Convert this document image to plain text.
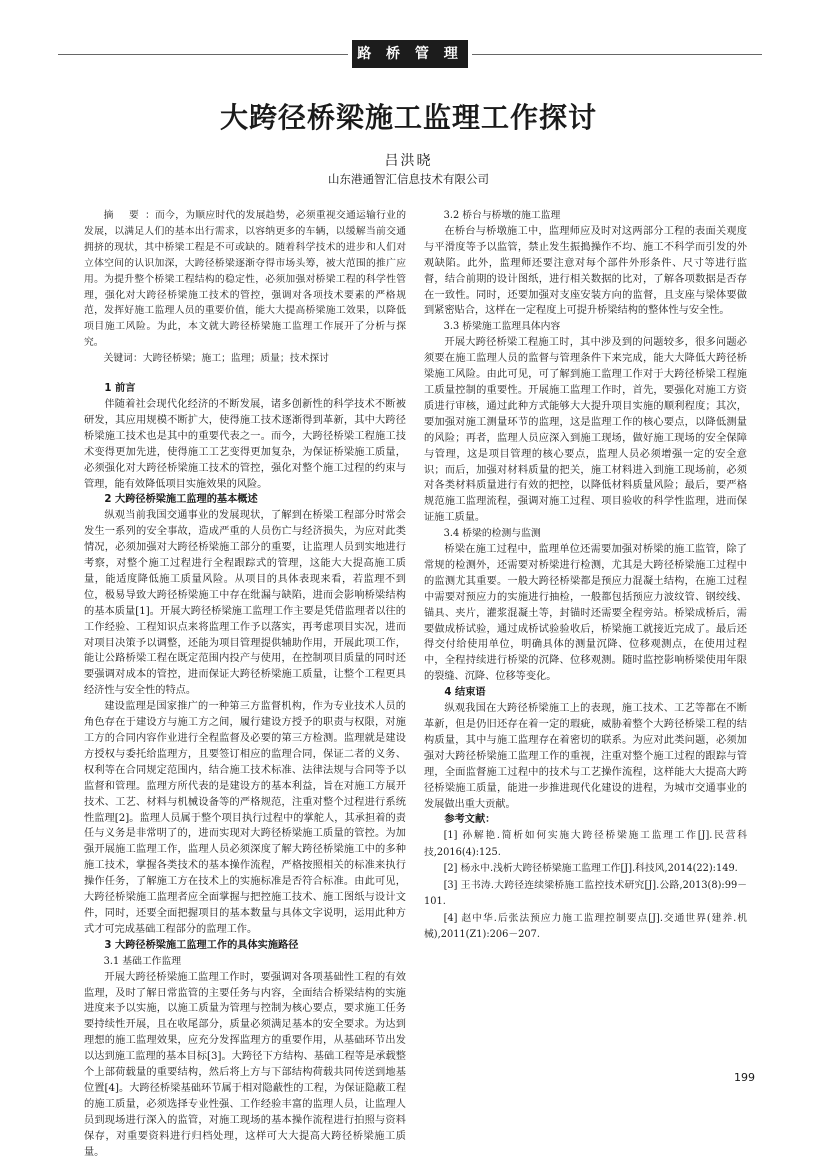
路 桥 管 理
大跨径桥梁施工监理工作探讨
吕洪晓
山东港通智汇信息技术有限公司

摘 要：而今，为顺应时代的发展趋势，必须重视交通运输行业的发展，以满足人们的基本出行需求，以容纳更多的车辆，以缓解当前交通拥挤的现状，其中桥梁工程是不可或缺的。随着科学技术的进步和人们对立体空间的认识加深，大跨径桥梁逐渐夺得市场头筹，被大范围的推广应用。为提升整个桥梁工程结构的稳定性，必须加强对桥梁工程的科学性管理，强化对大跨径桥梁施工技术的管控，强调对各项技术要素的严格规范，发挥好施工监理人员的重要价值，能大大提高桥梁施工效果，以降低项目施工风险。为此，本文就大跨径桥梁施工监理工作展开了分析与探究。

关键词：大跨径桥梁；施工；监理；质量；技术探讨

1 前言

伴随着社会现代化经济的不断发展，诸多创新性的科学技术不断被研发，其应用规模不断扩大，使得施工技术逐渐得到革新，其中大跨径桥梁施工技术也是其中的重要代表之一。而今，大跨径桥梁工程施工技术变得更加先进，使得施工工艺变得更加复杂，为保证桥梁施工质量，必须强化对大跨径桥梁施工技术的管控，强化对整个施工过程的约束与管理，能有效降低项目实施效果的风险。

2 大跨径桥梁施工监理的基本概述

纵观当前我国交通事业的发展现状，了解到在桥梁工程部分时常会发生一系列的安全事故，造成严重的人员伤亡与经济损失，为应对此类情况，必须加强对大跨径桥梁施工部分的重要，让监理人员到实地进行考察，对整个施工过程进行全程跟踪式的管理，这能大大提高施工质量，能适度降低施工质量风险。从项目的具体表现来看，若监理不到位，极易导致大跨径桥梁施工中存在纰漏与缺陷，进而会影响桥梁结构的基本质量[1]。开展大跨径桥梁施工监理工作主要是凭借监理者以往的工作经验、工程知识点来将监理工作予以落实，再考虑项目实况，进而对项目决策予以调整，还能为项目管理提供辅助作用，开展此项工作，能让公路桥梁工程在既定范围内投产与使用，在控制项目质量的同时还要强调对成本的管控，进而保证大跨径桥梁施工质量，让整个工程更具经济性与安全性的特点。

建设监理是国家推广的一种第三方监督机构，作为专业技术人员的角色存在于建设方与施工方之间，履行建设方授予的职责与权限，对施工方的合同内容作业进行全程监督及必要的第三方检测。监理就是建设方授权与委托给监理方，且要签订相应的监理合同，保证二者的义务、权利等在合同规定范围内，结合施工技术标准、法律法规与合同等予以监督和管理。监理方所代表的是建设方的基本利益，旨在对施工方展开技术、工艺、材料与机械设备等的严格规范，注重对整个过程进行系统性监理[2]。监理人员属于整个项目执行过程中的掌舵人，其承担着的责任与义务是非常明了的，进而实现对大跨径桥梁施工质量的管控。为加强开展施工监理工作，监理人员必须深度了解大跨径桥梁施工中的多种施工技术，掌握各类技术的基本操作流程，严格按照相关的标准来执行操作任务，了解施工方在技术上的实施标准是否符合标准。由此可见，大跨径桥梁施工监理者应全面掌握与把控施工技术、施工图纸与设计文件，同时，还要全面把握项目的基本数量与具体文字说明，运用此种方式才可完成基础工程部分的监理工作。

3 大跨径桥梁施工监理工作的具体实施路径

3.1 基础工作监理

开展大跨径桥梁施工监理工作时，要强调对各项基础性工程的有效监理，及时了解日常监管的主要任务与内容，全面结合桥梁结构的实施进度来予以实施，以施工质量为管理与控制为核心要点，要求施工任务要持续性开展，且在收尾部分，质量必须满足基本的安全要求。为达到理想的施工监理效果，应充分发挥监理方的重要作用，从基础环节出发以达到施工监理的基本目标[3]。大跨径下方结构、基础工程等是承载整个上部荷载量的重要结构，然后将上方与下部结构荷载共同传送到地基位置[4]。大跨径桥梁基础环节属于相对隐蔽性的工程，为保证隐蔽工程的施工质量，必须选择专业性强、工作经验丰富的监理人员，让监理人员到现场进行深入的监管，对施工现场的基本操作流程进行拍照与资料保存，对重要资料进行归档处理，这样可大大提高大跨径桥梁施工质量。

3.2 桥台与桥墩的施工监理

在桥台与桥墩施工中，监理师应及时对这两部分工程的表面关观度与平滑度等予以监管，禁止发生振搗操作不均、施工不科学而引发的外观缺陷。此外，监理师还要注意对每个部件外形条件、尺寸等进行监督，结合前期的设计图纸，进行相关数据的比对，了解各项数据是否存在一致性。同时，还要加强对支座安装方向的监督，且支座与梁体要做到紧密贴合，这样在一定程度上可提升桥梁结构的整体性与安全性。

3.3 桥梁施工监理具体内容

开展大跨径桥梁工程施工时，其中涉及到的问题较多，很多问题必须要在施工监理人员的监督与管理条件下来完成，能大大降低大跨径桥梁施工风险。由此可见，可了解到施工监理工作对于大跨径桥梁工程施工质量控制的重要性。开展施工监理工作时，首先，要强化对施工方资质进行审核，通过此种方式能够大大提升项目实施的顺利程度；其次，要加强对施工测量环节的监理，这是监理工作的核心要点，以降低测量的风险；再者，监理人员应深入到施工现场，做好施工现场的安全保障与管理，这是项目管理的核心要点，监理人员必须增强一定的安全意识；而后，加强对材料质量的把关，施工材料进入到施工现场前，必须对各类材料质量进行有效的把控，以降低材料质量风险；最后，要严格规范施工监理流程，强调对施工过程、项目验收的科学性监理，进而保证施工质量。

3.4 桥梁的检测与监测

桥梁在施工过程中，监理单位还需要加强对桥梁的施工监管，除了常规的检测外，还需要对桥梁进行检测，尤其是大跨径桥梁施工过程中的监测尤其重要。一般大跨径桥梁都是预应力混凝土结构，在施工过程中需要对预应力的实施进行抽检，一般都包括预应力波纹管、钢绞线、锚具、夹片，灌浆混凝土等，封锚时还需要全程旁站。桥梁成桥后，需要做成桥试验，通过成桥试验验收后，桥梁施工就接近完成了。最后还得交付给使用单位，明确具体的测量沉降、位移观测点，在使用过程中，全程持续进行桥梁的沉降、位移观测。随时监控影响桥梁使用年限的裂缝、沉降、位移等变化。

4 结束语

纵观我国在大跨径桥梁施工上的表现，施工技术、工艺等都在不断革新，但是仍旧还存在着一定的瑕疵，威胁着整个大跨径桥梁工程的结构质量，其中与施工监理存在着密切的联系。为应对此类问题，必须加强对大跨径桥梁施工监理工作的重视，注重对整个施工过程的跟踪与管理，全面监督施工过程中的技术与工艺操作流程，这样能大大提高大跨径桥梁施工质量，能进一步推进现代化建设的进程，为城市交通事业的发展做出重大贡献。

参考文献：

[1] 孙解艳.简析如何实施大跨径桥梁施工监理工作[J].民营科技,2016(4):125.

[2] 杨永中.浅析大跨径桥梁施工监理工作[J].科技风,2014(22):149.

[3] 王书涛.大跨径连续梁桥施工监控技术研究[J].公路,2013(8):99－101.

[4] 赵中华.后张法预应力施工监理控制要点[J].交通世界(建养.机械),2011(Z1):206－207.

199
